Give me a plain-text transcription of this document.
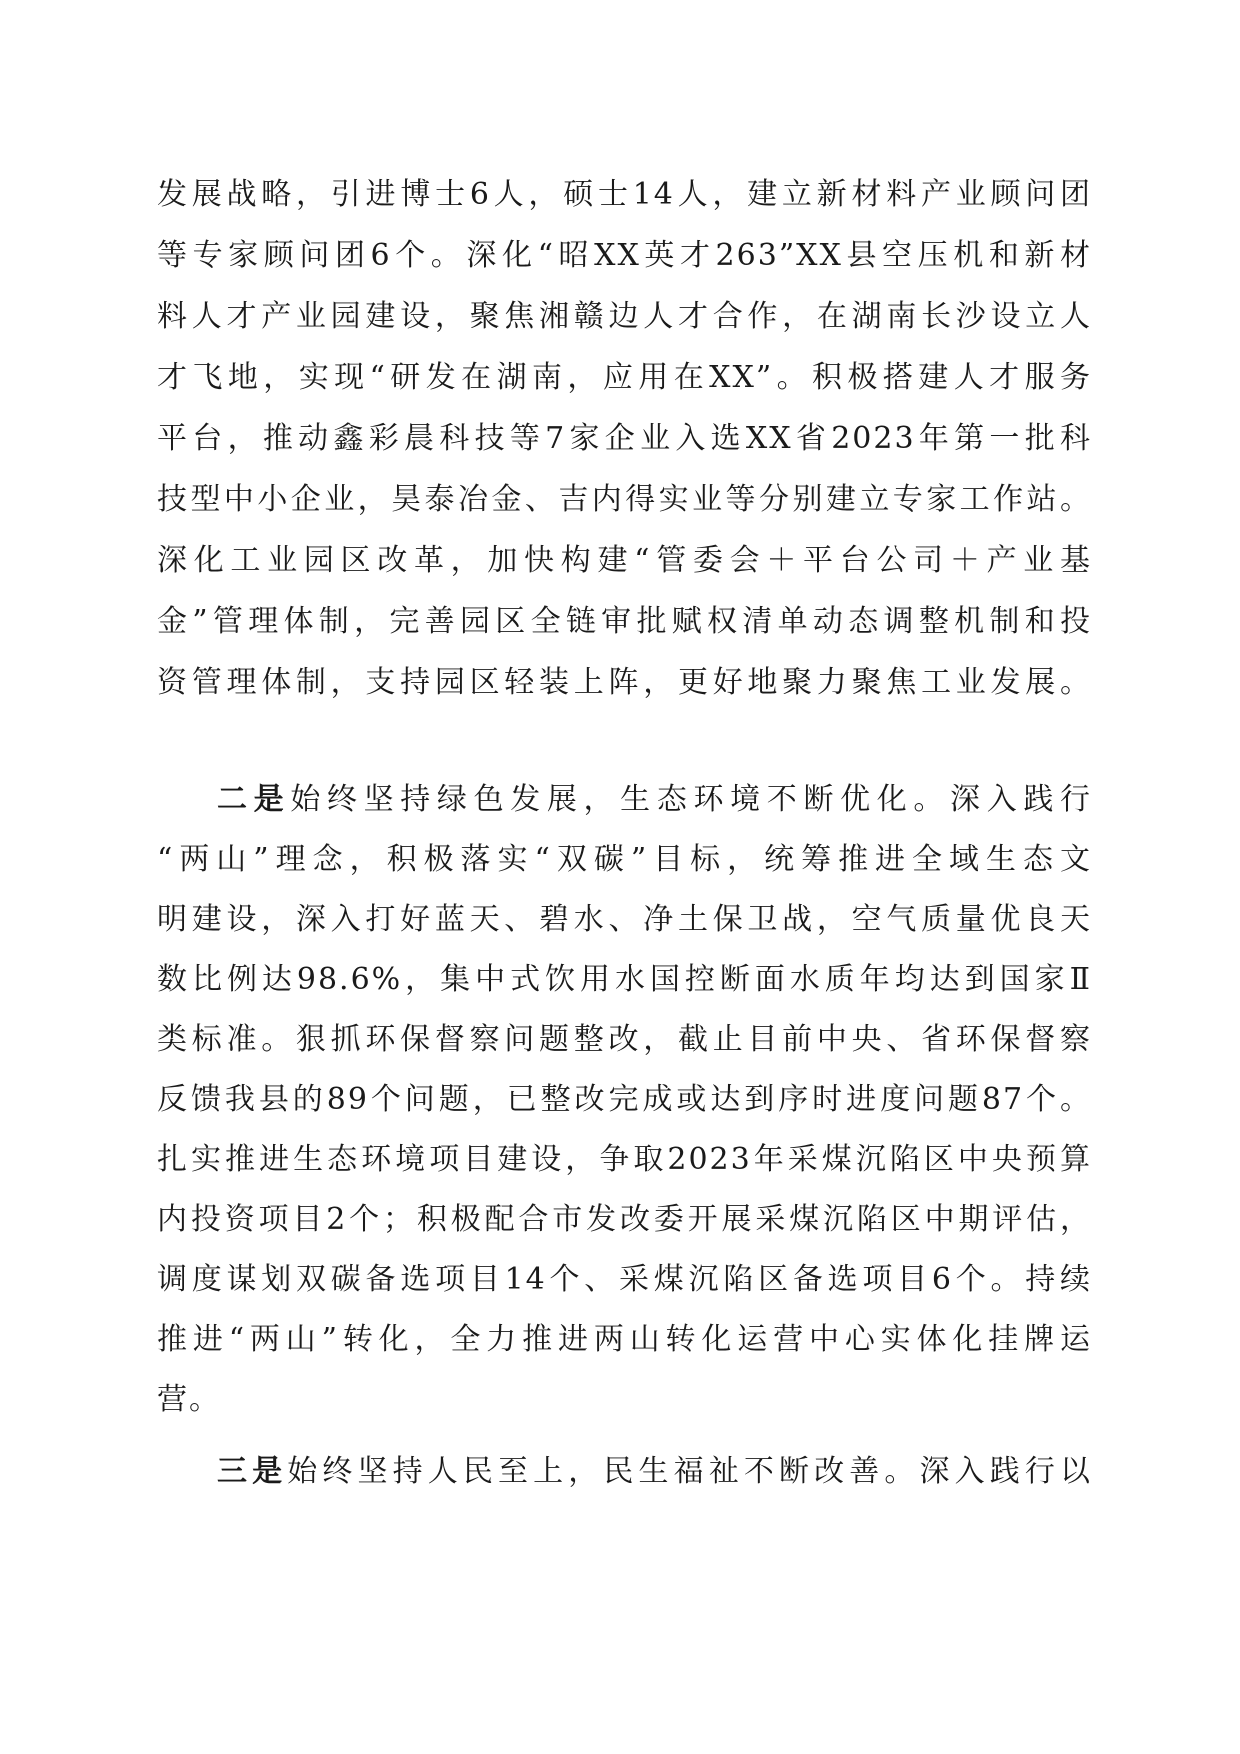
发展战略，引进博士6人，硕士14人，建立新材料产业顾问团
等专家顾问团6个。深化“昭XX英才263”XX县空压机和新材
料人才产业园建设，聚焦湘赣边人才合作，在湖南长沙设立人
才飞地，实现“研发在湖南，应用在XX”。积极搭建人才服务
平台，推动鑫彩晨科技等7家企业入选XX省2023年第一批科
技型中小企业，昊泰冶金、吉内得实业等分别建立专家工作站。
深化工业园区改革，加快构建“管委会＋平台公司＋产业基
金”管理体制，完善园区全链审批赋权清单动态调整机制和投
资管理体制，支持园区轻装上阵，更好地聚力聚焦工业发展。
二是始终坚持绿色发展，生态环境不断优化。深入践行
“两山”理念，积极落实“双碳”目标，统筹推进全域生态文
明建设，深入打好蓝天、碧水、净土保卫战，空气质量优良天
数比例达98.6%，集中式饮用水国控断面水质年均达到国家Ⅱ
类标准。狠抓环保督察问题整改，截止目前中央、省环保督察
反馈我县的89个问题，已整改完成或达到序时进度问题87个。
扎实推进生态环境项目建设，争取2023年采煤沉陷区中央预算
内投资项目2个；积极配合市发改委开展采煤沉陷区中期评估，
调度谋划双碳备选项目14个、采煤沉陷区备选项目6个。持续
推进“两山”转化，全力推进两山转化运营中心实体化挂牌运
营。
三是始终坚持人民至上，民生福祉不断改善。深入践行以
